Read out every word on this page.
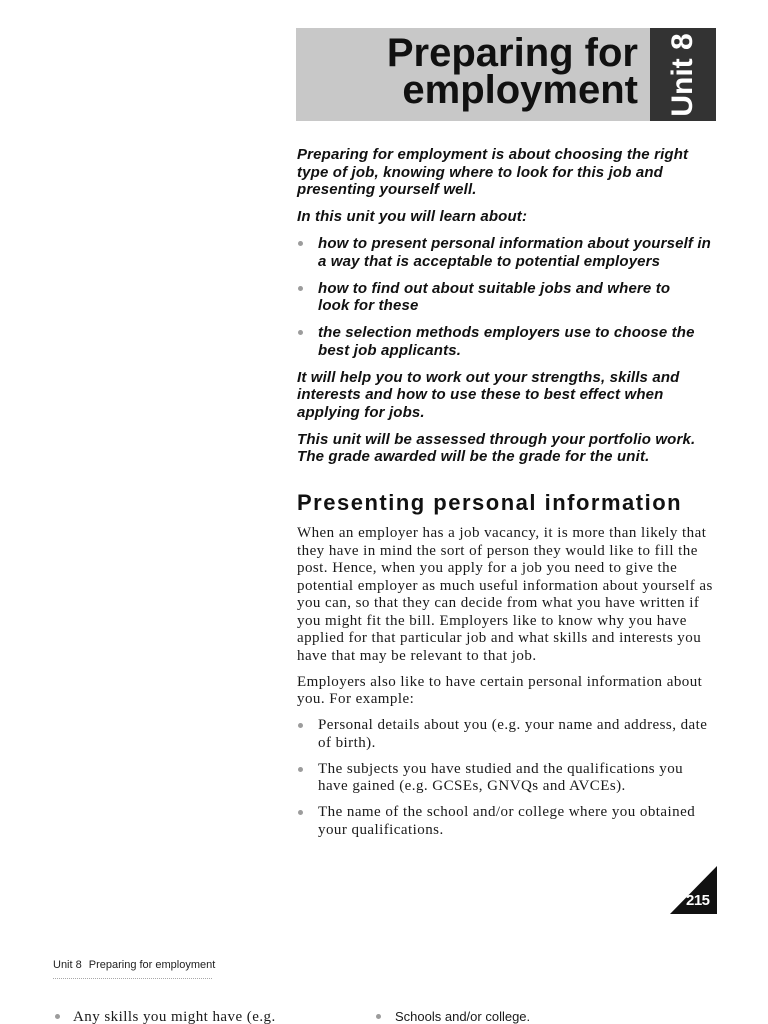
Preparing for
employment Unit 8

Preparing for employment is about choosing the right
type of job, knowing where to look for this job and
presenting yourself well.

In this unit you will learn about:

how to present personal information about yourself in
a way that is acceptable to potential employers
how to find out about suitable jobs and where to
look for these
the selection methods employers use to choose the
best job applicants.

It will help you to work out your strengths, skills and
interests and how to use these to best effect when
applying for jobs.

This unit will be assessed through your portfolio work.
The grade awarded will be the grade for the unit.

Presenting personal information

When an employer has a job vacancy, it is more than likely that
they have in mind the sort of person they would like to fill the
post. Hence, when you apply for a job you need to give the
potential employer as much useful information about yourself as
you can, so that they can decide from what you have written if
you might fit the bill. Employers like to know why you have
applied for that particular job and what skills and interests you
have that may be relevant to that job.

Employers also like to have certain personal information about
you. For example:

Personal details about you (e.g. your name and address, date
of birth).
The subjects you have studied and the qualifications you
have gained (e.g. GCSEs, GNVQs and AVCEs).
The name of the school and/or college where you obtained
your qualifications.
215
Unit 8 Preparing for employment
Any skills you might have (e.g.	Schools and/or college.
